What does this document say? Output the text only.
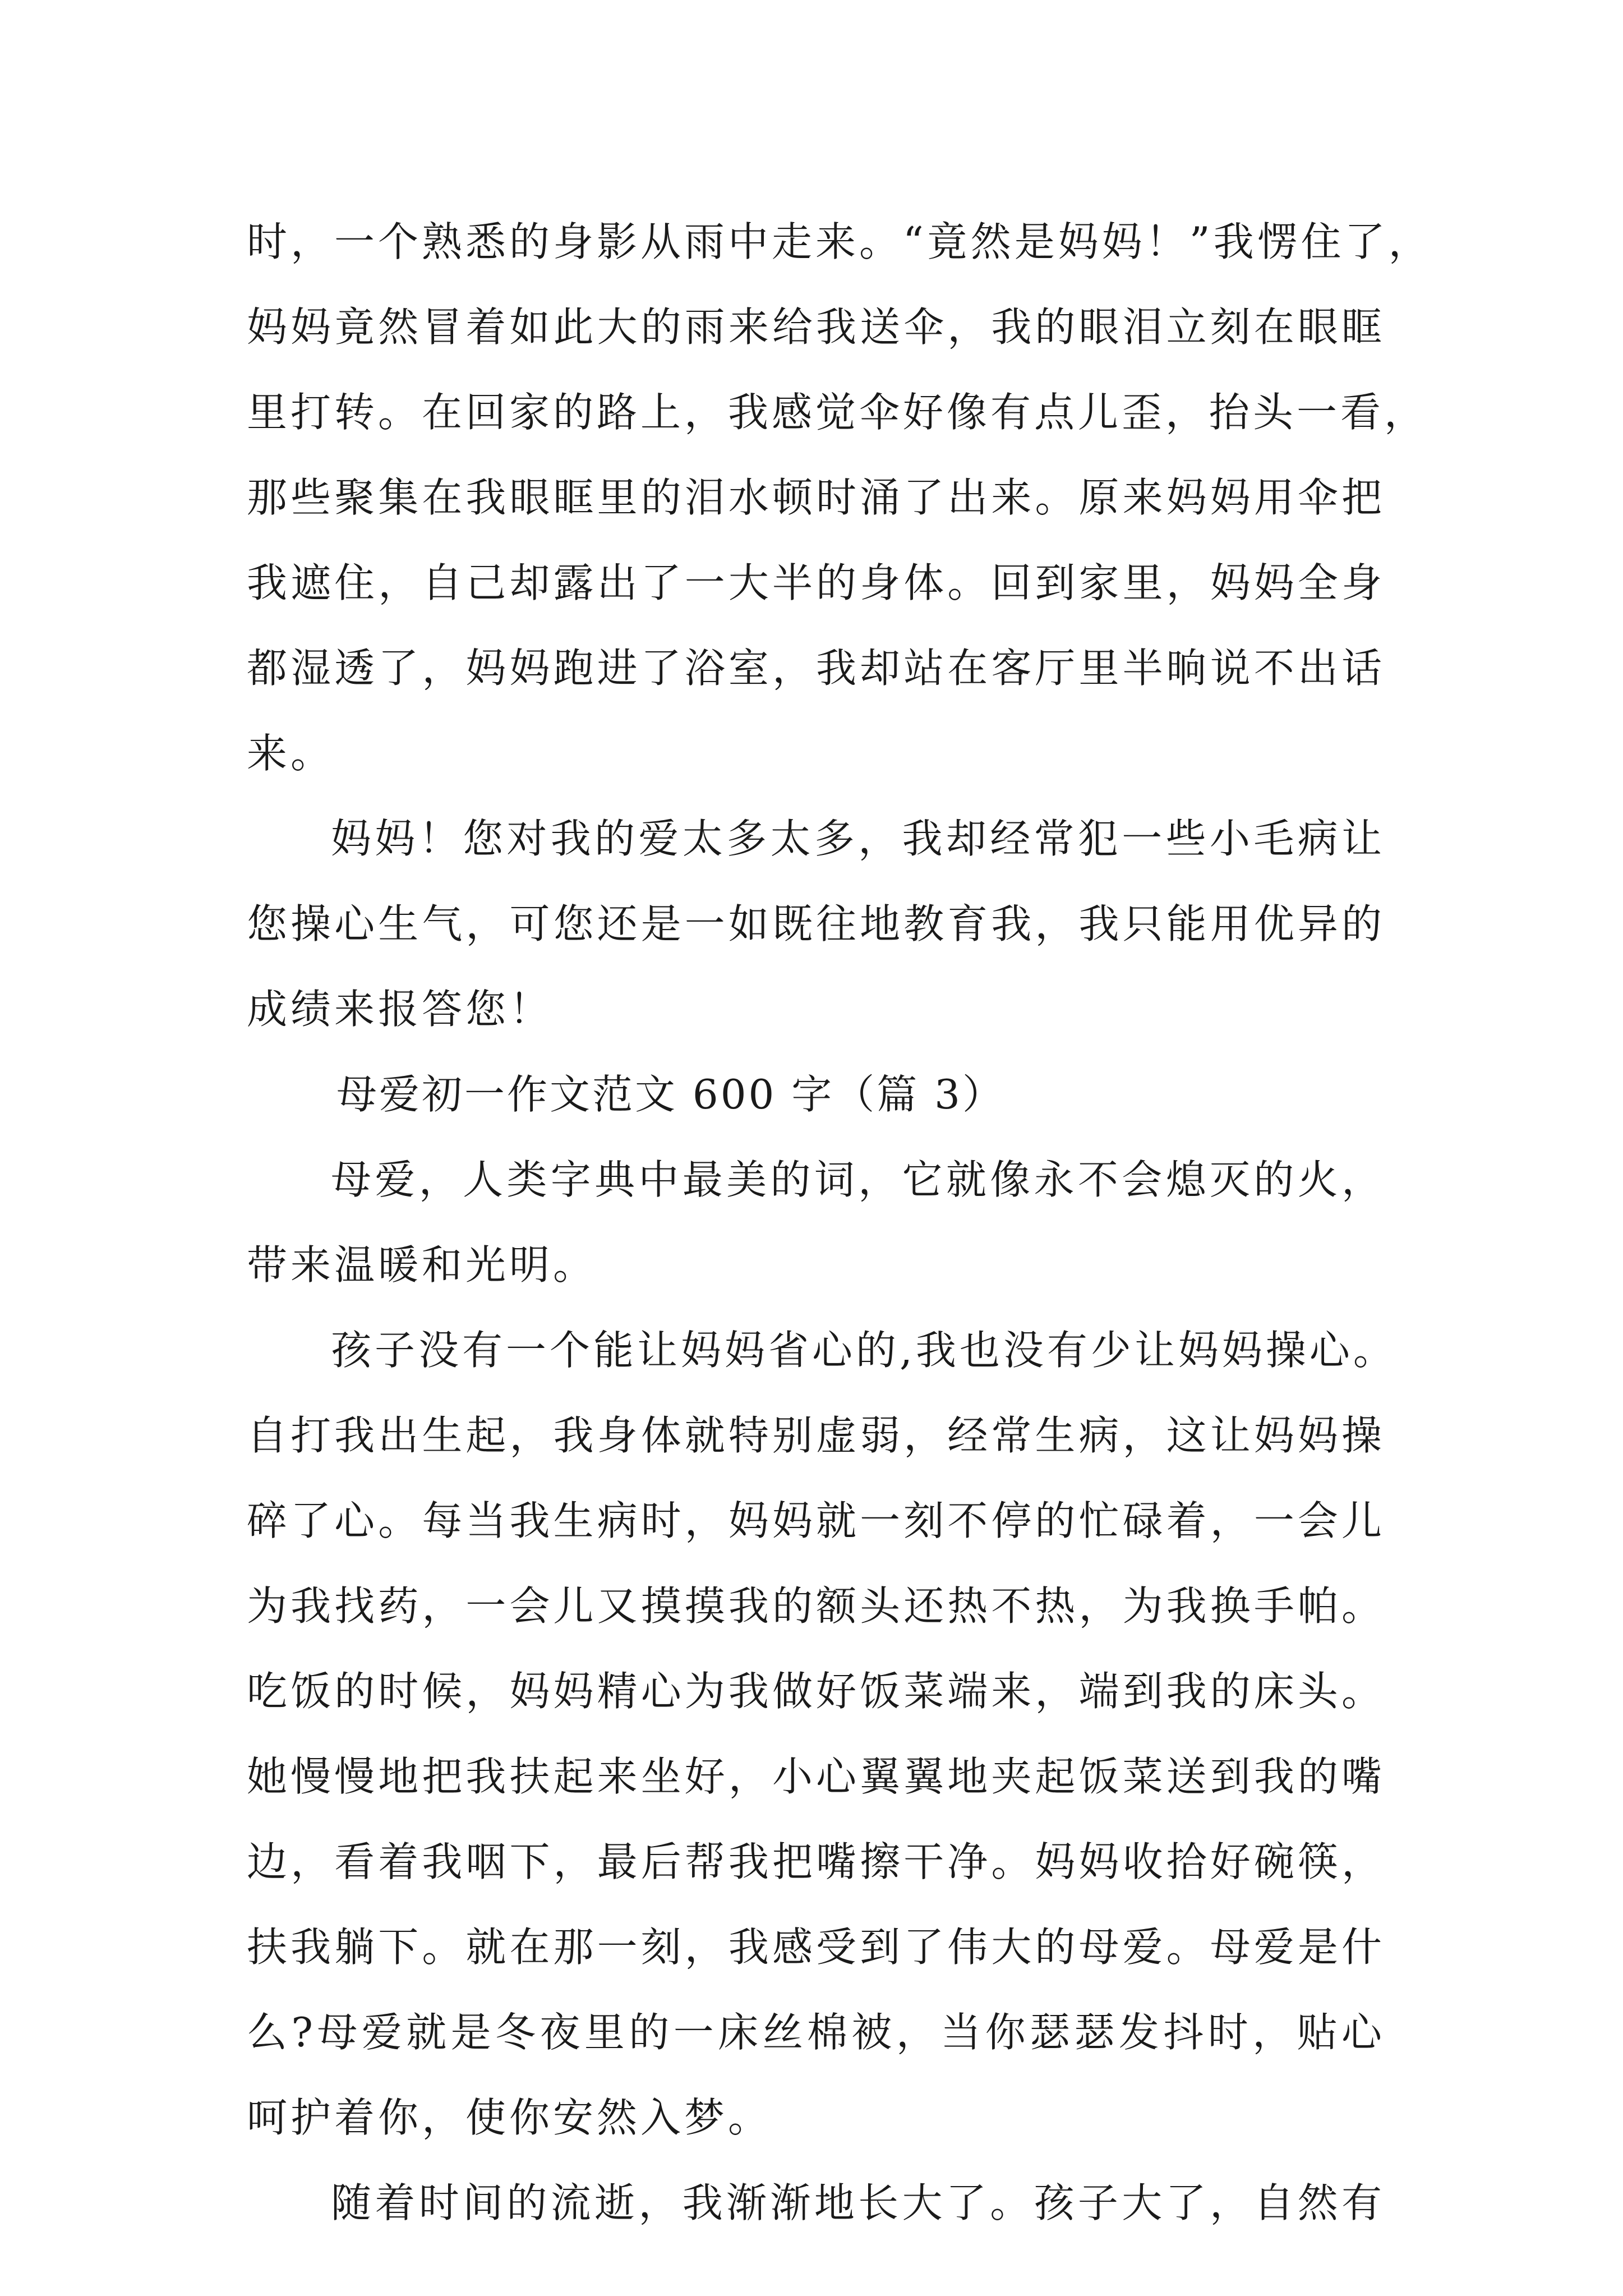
时，一个熟悉的身影从雨中走来。“竟然是妈妈！”我愣住了，
妈妈竟然冒着如此大的雨来给我送伞，我的眼泪立刻在眼眶
里打转。在回家的路上，我感觉伞好像有点儿歪，抬头一看，
那些聚集在我眼眶里的泪水顿时涌了出来。原来妈妈用伞把
我遮住，自己却露出了一大半的身体。回到家里，妈妈全身
都湿透了，妈妈跑进了浴室，我却站在客厅里半晌说不出话
来。
妈妈！您对我的爱太多太多，我却经常犯一些小毛病让
您操心生气，可您还是一如既往地教育我，我只能用优异的
成绩来报答您！
母爱初一作文范文 600 字（篇 3）
母爱，人类字典中最美的词，它就像永不会熄灭的火，
带来温暖和光明。
孩子没有一个能让妈妈省心的,我也没有少让妈妈操心。
自打我出生起，我身体就特别虚弱，经常生病，这让妈妈操
碎了心。每当我生病时，妈妈就一刻不停的忙碌着，一会儿
为我找药，一会儿又摸摸我的额头还热不热，为我换手帕。
吃饭的时候，妈妈精心为我做好饭菜端来，端到我的床头。
她慢慢地把我扶起来坐好，小心翼翼地夹起饭菜送到我的嘴
边，看着我咽下，最后帮我把嘴擦干净。妈妈收拾好碗筷，
扶我躺下。就在那一刻，我感受到了伟大的母爱。母爱是什
么?母爱就是冬夜里的一床丝棉被，当你瑟瑟发抖时，贴心
呵护着你，使你安然入梦。
随着时间的流逝，我渐渐地长大了。孩子大了，自然有
